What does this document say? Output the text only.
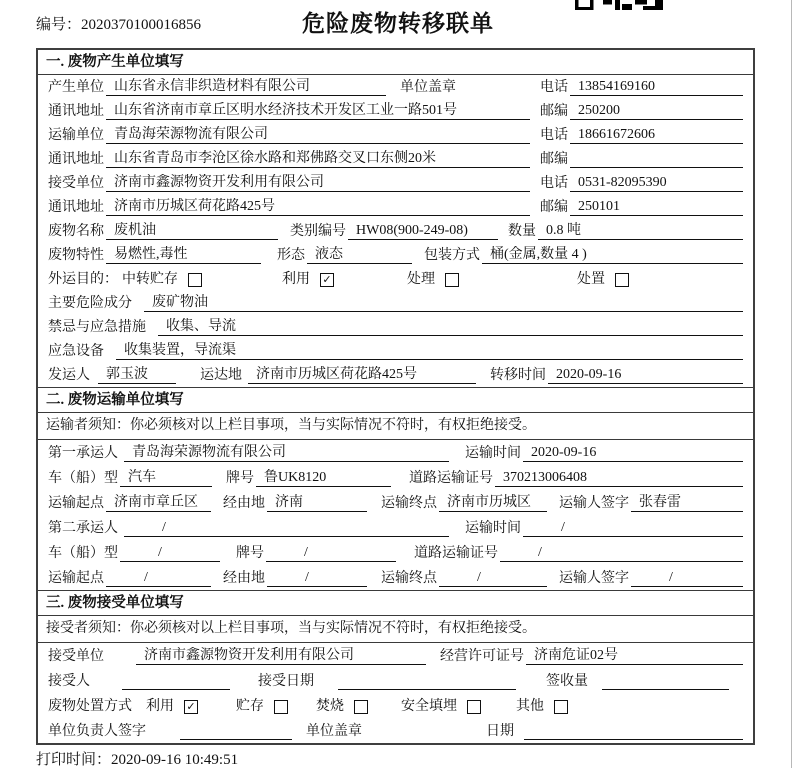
编号：2020370100016856	危险废物转移联单
一. 废物产生单位填写
产生单位 山东省永信非织造材料有限公司	单位盖章	电话 13854169160
通讯地址 山东省济南市章丘区明水经济技术开发区工业一路501号	邮编 250200
运输单位 青岛海荣源物流有限公司	电话 18661672606
通讯地址 山东省青岛市李沧区徐水路和郑佛路交叉口东侧20米	邮编
接受单位 济南市鑫源物资开发利用有限公司	电话 0531-82095390
通讯地址 济南市历城区荷花路425号	邮编 250101
废物名称 废机油	类别编号 HW08(900-249-08)	数量 0.8 吨
废物特性 易燃性,毒性	形态 液态	包装方式 桶(金属,数量 4 )
外运目的： 中转贮存	利用 ✓	处理	处置
主要危险成分	废矿物油
禁忌与应急措施	收集、导流
应急设备	收集装置，导流渠
发运人	郭玉波	运达地	济南市历城区荷花路425号	转移时间 2020-09-16
二. 废物运输单位填写
运输者须知：你必须核对以上栏目事项，当与实际情况不符时，有权拒绝接受。
第一承运人	青岛海荣源物流有限公司	运输时间 2020-09-16
车（船）型 汽车	牌号 鲁UK8120	道路运输证号 370213006408
运输起点 济南市章丘区	经由地 济南	运输终点 济南市历城区	运输人签字 张春雷
第二承运人	/	运输时间	/
车（船）型	/	牌号	/	道路运输证号	/
运输起点	/	经由地	/	运输终点	/	运输人签字	/
三. 废物接受单位填写
接受者须知：你必须核对以上栏目事项，当与实际情况不符时，有权拒绝接受。
接受单位	济南市鑫源物资开发利用有限公司	经营许可证号 济南危证02号
接受人	接受日期	签收量
废物处置方式 利用 ✓	贮存	焚烧	安全填埋	其他
单位负责人签字	单位盖章	日期
打印时间：2020-09-16 10:49:51
